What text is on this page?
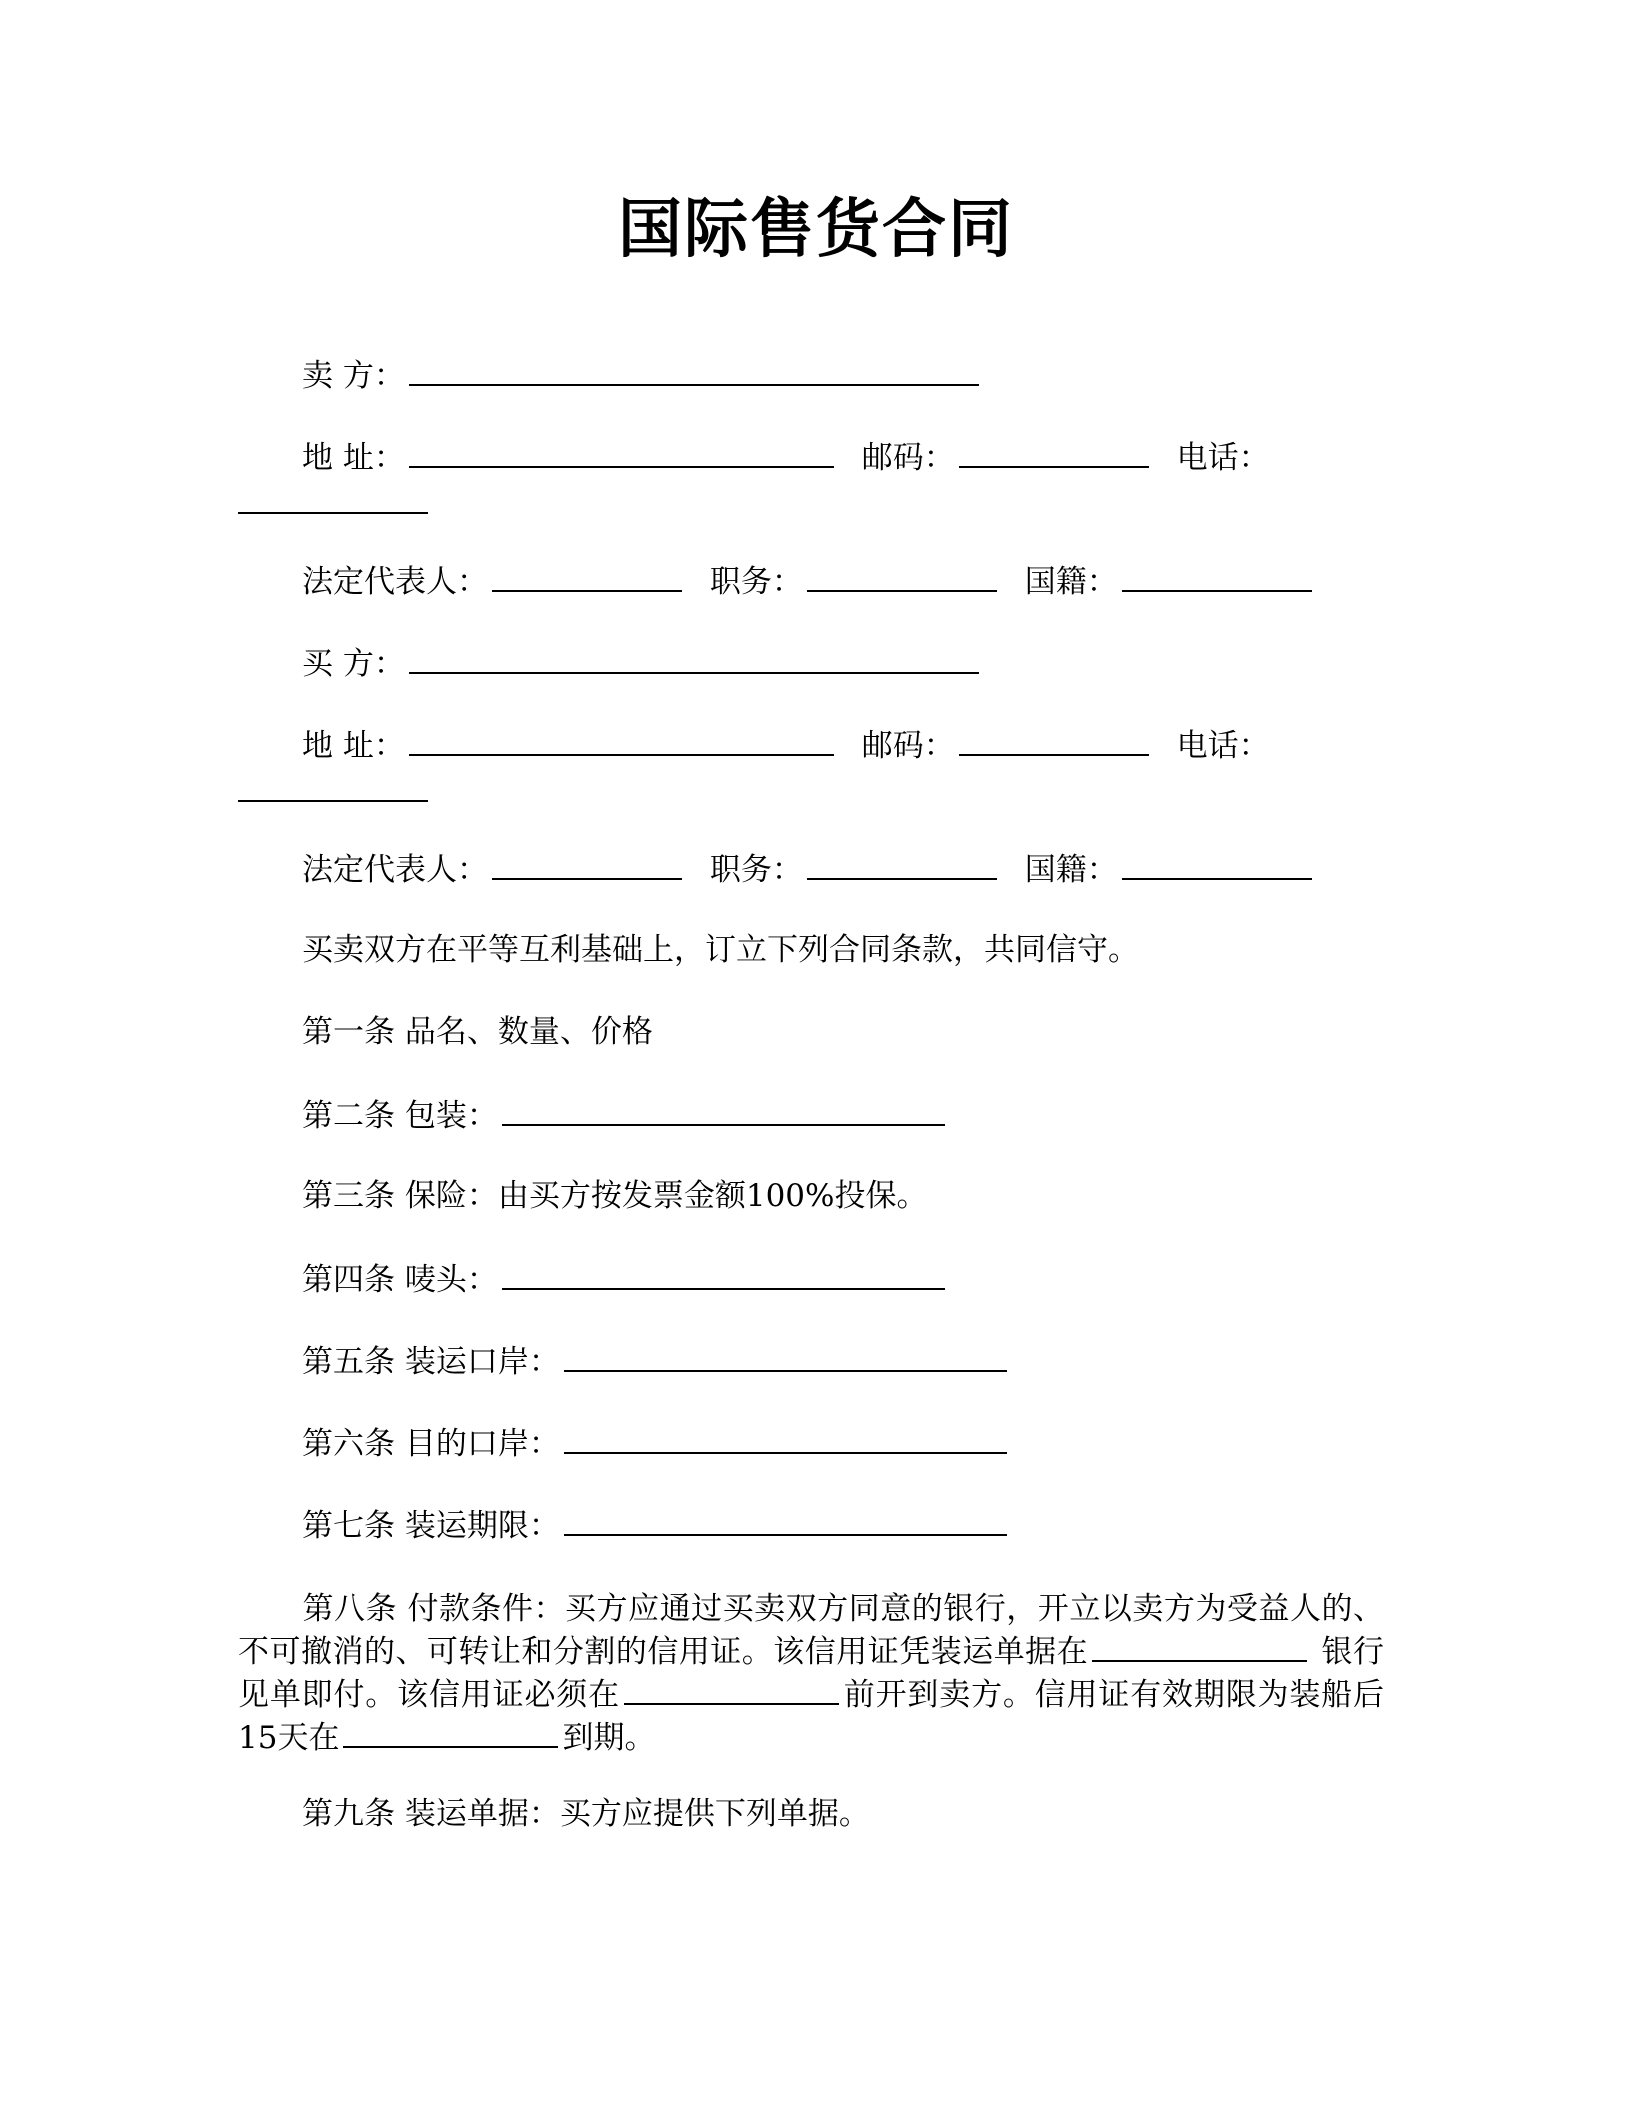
国际售货合同
卖 方：
地 址：	邮码：	电话：
法定代表人：	职务：	国籍：
买 方：
地 址：	邮码：	电话：
法定代表人：	职务：	国籍：
买卖双方在平等互利基础上，订立下列合同条款，共同信守。
第一条 品名、数量、价格
第二条 包装：
第三条 保险：由买方按发票金额100%投保。
第四条 唛头：
第五条 装运口岸：
第六条 目的口岸：
第七条 装运期限：
第八条 付款条件：买方应通过买卖双方同意的银行，开立以卖方为受益人的、不可撤消的、可转让和分割的信用证。该信用证凭装运单据在	银行见单即付。该信用证必须在	前开到卖方。信用证有效期限为装船后15天在	到期。
第九条 装运单据：买方应提供下列单据。
